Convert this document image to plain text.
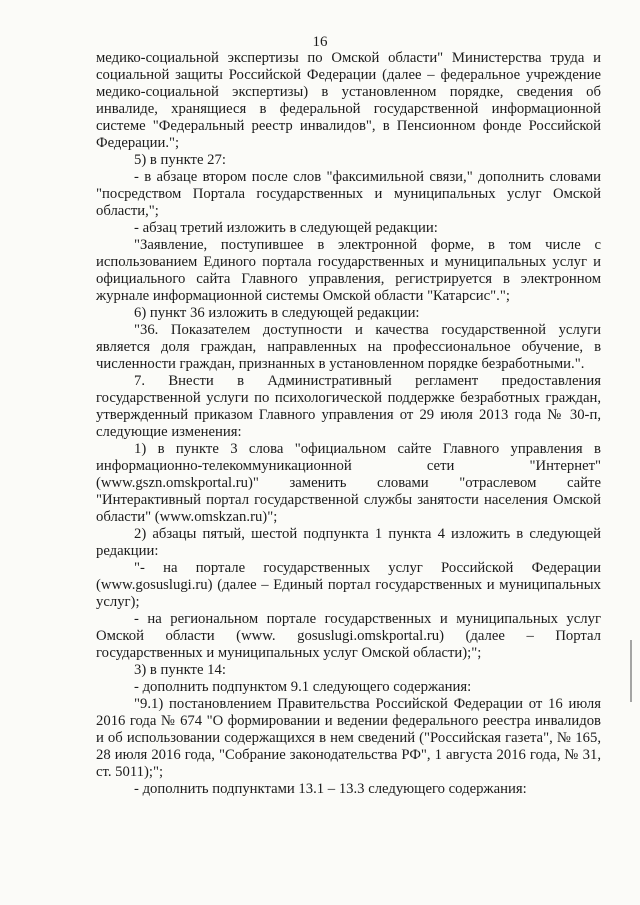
16

медико-социальной экспертизы по Омской области" Министерства труда и социальной защиты Российской Федерации (далее – федеральное учреждение медико-социальной экспертизы) в установленном порядке, сведения об инвалиде, хранящиеся в федеральной государственной информационной системе "Федеральный реестр инвалидов", в Пенсионном фонде Российской Федерации.";

5) в пункте 27:

- в абзаце втором после слов "факсимильной связи," дополнить словами "посредством Портала государственных и муниципальных услуг Омской области,";

- абзац третий изложить в следующей редакции:

"Заявление, поступившее в электронной форме, в том числе с использованием Единого портала государственных и муниципальных услуг и официального сайта Главного управления, регистрируется в электронном журнале информационной системы Омской области "Катарсис".";

6) пункт 36 изложить в следующей редакции:

"36. Показателем доступности и качества государственной услуги является доля граждан, направленных на профессиональное обучение, в численности граждан, признанных в установленном порядке безработными.".

7. Внести в Административный регламент предоставления государственной услуги по психологической поддержке безработных граждан, утвержденный приказом Главного управления от 29 июля 2013 года № 30-п, следующие изменения:

1) в пункте 3 слова "официальном сайте Главного управления в информационно-телекоммуникационной сети "Интернет" (www.gszn.omskportal.ru)" заменить словами "отраслевом сайте "Интерактивный портал государственной службы занятости населения Омской области" (www.omskzan.ru)";

2) абзацы пятый, шестой подпункта 1 пункта 4 изложить в следующей редакции:

"- на портале государственных услуг Российской Федерации (www.gosuslugi.ru) (далее – Единый портал государственных и муниципальных услуг);

- на региональном портале государственных и муниципальных услуг Омской области (www. gosuslugi.omskportal.ru) (далее – Портал государственных и муниципальных услуг Омской области);";

3) в пункте 14:

- дополнить подпунктом 9.1 следующего содержания:

"9.1) постановлением Правительства Российской Федерации от 16 июля 2016 года № 674 "О формировании и ведении федерального реестра инвалидов и об использовании содержащихся в нем сведений ("Российская газета", № 165, 28 июля 2016 года, "Собрание законодательства РФ", 1 августа 2016 года, № 31, ст. 5011);";

- дополнить подпунктами 13.1 – 13.3 следующего содержания:
